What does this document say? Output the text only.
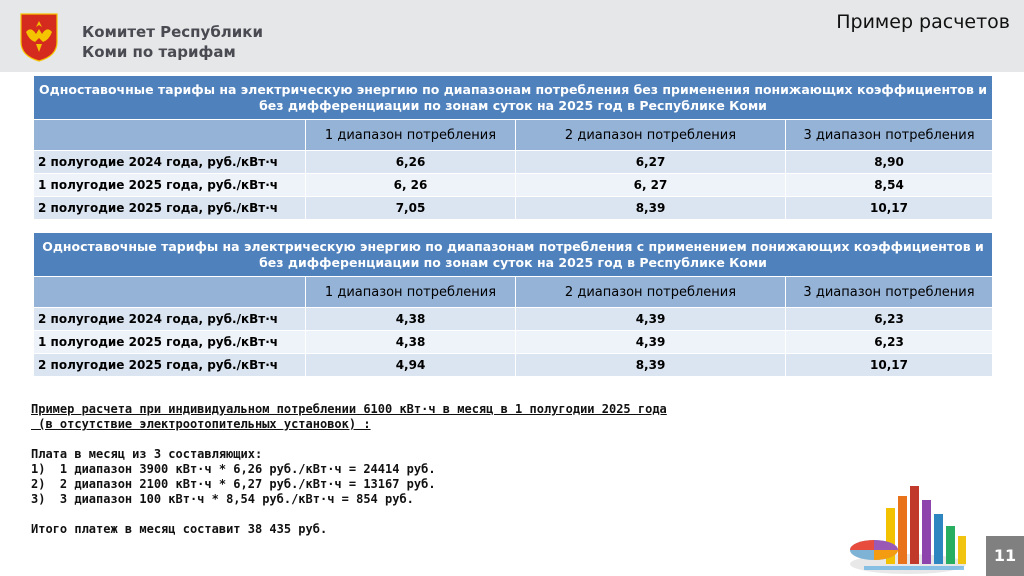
Комитет Республики
Коми по тарифам
Пример расчетов
Одноставочные тарифы на электрическую энергию по диапазонам потребления без применения понижающих коэффициентов и без дифференциации по зонам суток на 2025 год в Республике Коми			
	1 диапазон потребления	2 диапазон потребления	3 диапазон потребления
2 полугодие 2024 года, руб./кВт·ч	6,26	6,27	8,90
1 полугодие 2025 года, руб./кВт·ч	6, 26	6, 27	8,54
2 полугодие 2025 года, руб./кВт·ч	7,05	8,39	10,17
Одноставочные тарифы на электрическую энергию по диапазонам потребления с применением понижающих коэффициентов и без дифференциации по зонам суток на 2025 год в Республике Коми			
	1 диапазон потребления	2 диапазон потребления	3 диапазон потребления
2 полугодие 2024 года, руб./кВт·ч	4,38	4,39	6,23
1 полугодие 2025 года, руб./кВт·ч	4,38	4,39	6,23
2 полугодие 2025 года, руб./кВт·ч	4,94	8,39	10,17
Пример расчета при индивидуальном потреблении 6100 кВт·ч в месяц в 1 полугодии 2025 года
(в отсутствие электроотопительных установок) :
Плата в месяц из 3 составляющих:
1)  1 диапазон 3900 кВт·ч * 6,26 руб./кВт·ч = 24414 руб.
2)  2 диапазон 2100 кВт·ч * 6,27 руб./кВт·ч = 13167 руб.
3)  3 диапазон 100 кВт·ч * 8,54 руб./кВт·ч = 854 руб.
Итого платеж в месяц составит 38 435 руб.
11
